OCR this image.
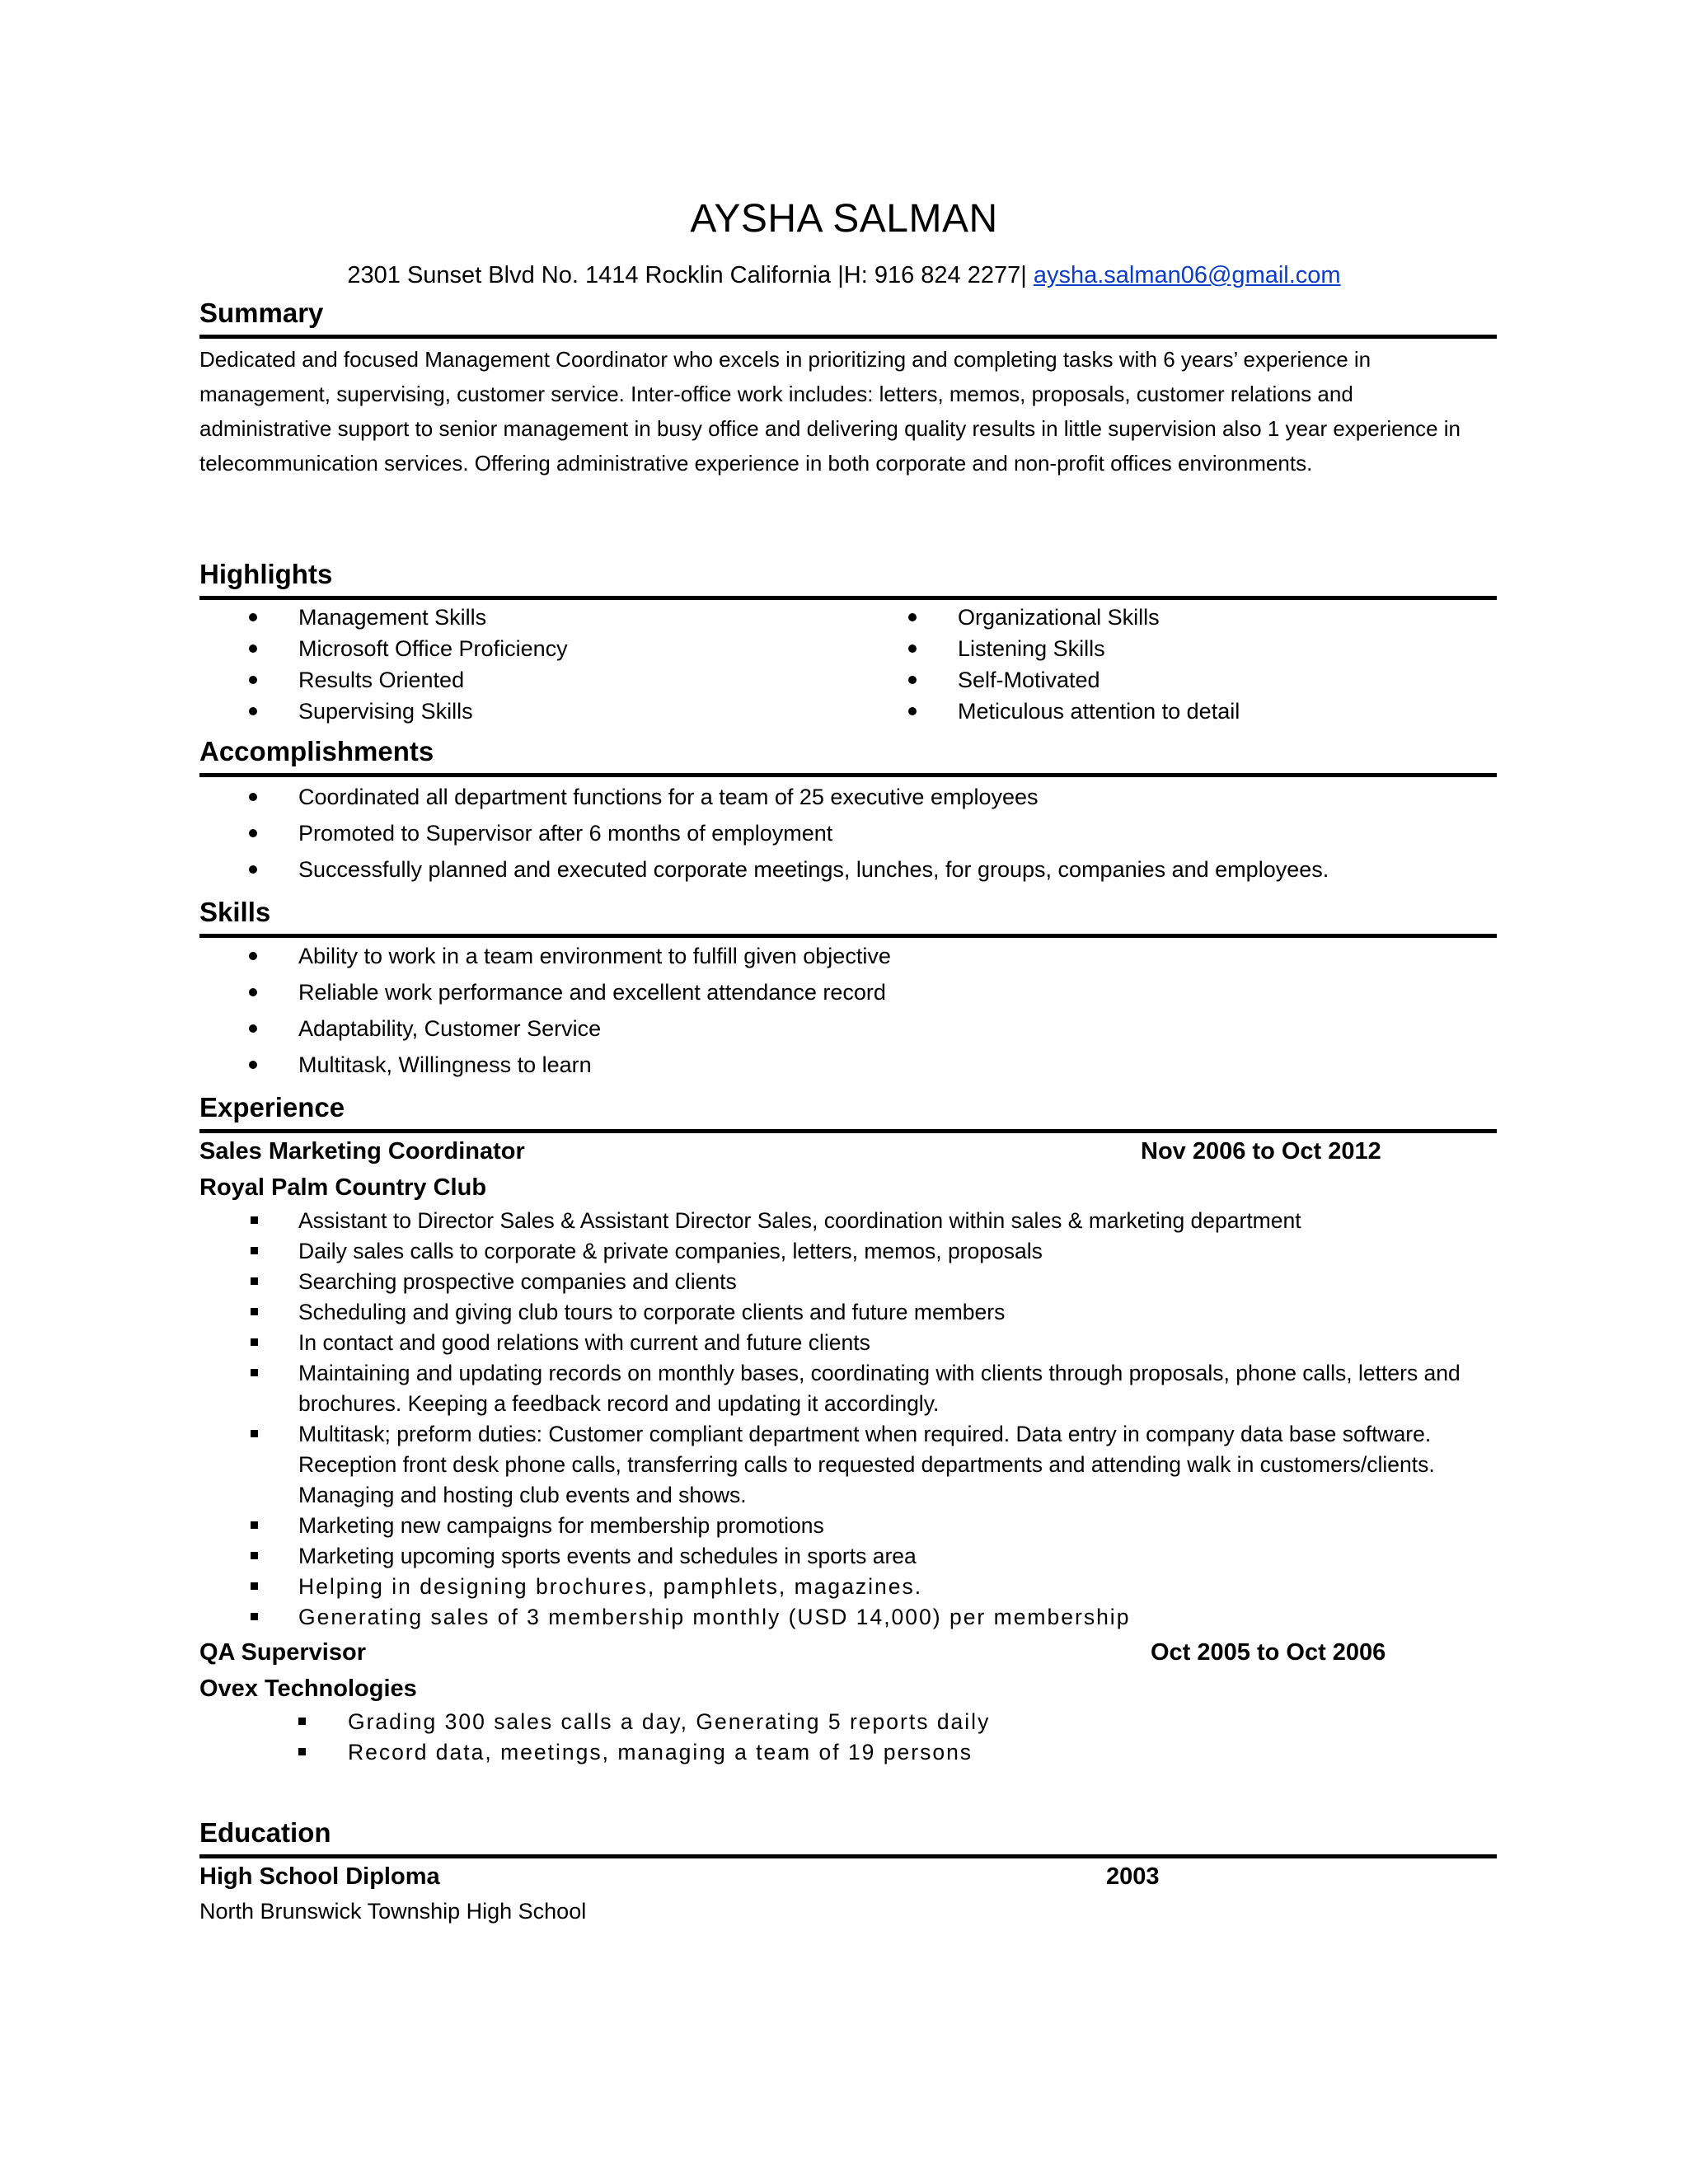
AYSHA SALMAN
2301 Sunset Blvd No. 1414 Rocklin California |H: 916 824 2277| aysha.salman06@gmail.com
Summary
Dedicated and focused Management Coordinator who excels in prioritizing and completing tasks with 6 years’ experience in management, supervising, customer service. Inter-office work includes: letters, memos, proposals, customer relations and administrative support to senior management in busy office and delivering quality results in little supervision also 1 year experience in telecommunication services. Offering administrative experience in both corporate and non-profit offices environments.
Highlights
Management Skills
Microsoft Office Proficiency
Results Oriented
Supervising Skills
Organizational Skills
Listening Skills
Self-Motivated
Meticulous attention to detail
Accomplishments
Coordinated all department functions for a team of 25 executive employees
Promoted to Supervisor after 6 months of employment
Successfully planned and executed corporate meetings, lunches, for groups, companies and employees.
Skills
Ability to work in a team environment to fulfill given objective
Reliable work performance and excellent attendance record
Adaptability, Customer Service
Multitask, Willingness to learn
Experience
Sales Marketing Coordinator	Nov 2006 to Oct 2012
Royal Palm Country Club
Assistant to Director Sales & Assistant Director Sales, coordination within sales & marketing department
Daily sales calls to corporate & private companies, letters, memos, proposals
Searching prospective companies and clients
Scheduling and giving club tours to corporate clients and future members
In contact and good relations with current and future clients
Maintaining and updating records on monthly bases, coordinating with clients through proposals, phone calls, letters and brochures. Keeping a feedback record and updating it accordingly.
Multitask; preform duties: Customer compliant department when required. Data entry in company data base software. Reception front desk phone calls, transferring calls to requested departments and attending walk in customers/clients. Managing and hosting club events and shows.
Marketing new campaigns for membership promotions
Marketing upcoming sports events and schedules in sports area
Helping in designing brochures, pamphlets, magazines.
Generating sales of 3 membership monthly (USD 14,000) per membership
QA Supervisor	Oct 2005 to Oct 2006
Ovex Technologies
Grading 300 sales calls a day, Generating 5 reports daily
Record data, meetings, managing a team of 19 persons
Education
High School Diploma	2003
North Brunswick Township High School
